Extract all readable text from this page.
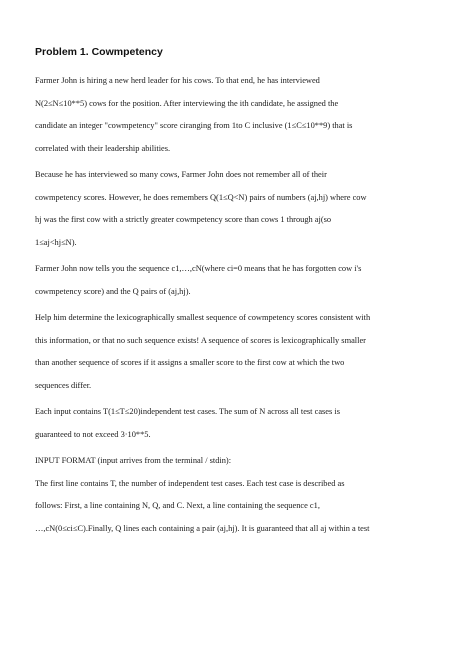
Problem 1. Cowmpetency
Farmer John is hiring a new herd leader for his cows. To that end, he has interviewed
N(2≤N≤10**5) cows for the position. After interviewing the ith candidate, he assigned the
candidate an integer "cowmpetency" score ciranging from 1to C inclusive (1≤C≤10**9) that is
correlated with their leadership abilities.
Because he has interviewed so many cows, Farmer John does not remember all of their
cowmpetency scores. However, he does remembers Q(1≤Q<N) pairs of numbers (aj,hj) where cow
hj was the first cow with a strictly greater cowmpetency score than cows 1 through aj(so
1≤aj<hj≤N).
Farmer John now tells you the sequence c1,…,cN(where ci=0 means that he has forgotten cow i's
cowmpetency score) and the Q pairs of (aj,hj).
Help him determine the lexicographically smallest sequence of cowmpetency scores consistent with
this information, or that no such sequence exists! A sequence of scores is lexicographically smaller
than another sequence of scores if it assigns a smaller score to the first cow at which the two
sequences differ.
Each input contains T(1≤T≤20)independent test cases. The sum of N across all test cases is
guaranteed to not exceed 3·10**5.
INPUT FORMAT (input arrives from the terminal / stdin):
The first line contains T, the number of independent test cases. Each test case is described as
follows: First, a line containing N, Q, and C. Next, a line containing the sequence c1,
…,cN(0≤ci≤C).Finally, Q lines each containing a pair (aj,hj). It is guaranteed that all aj within a test
